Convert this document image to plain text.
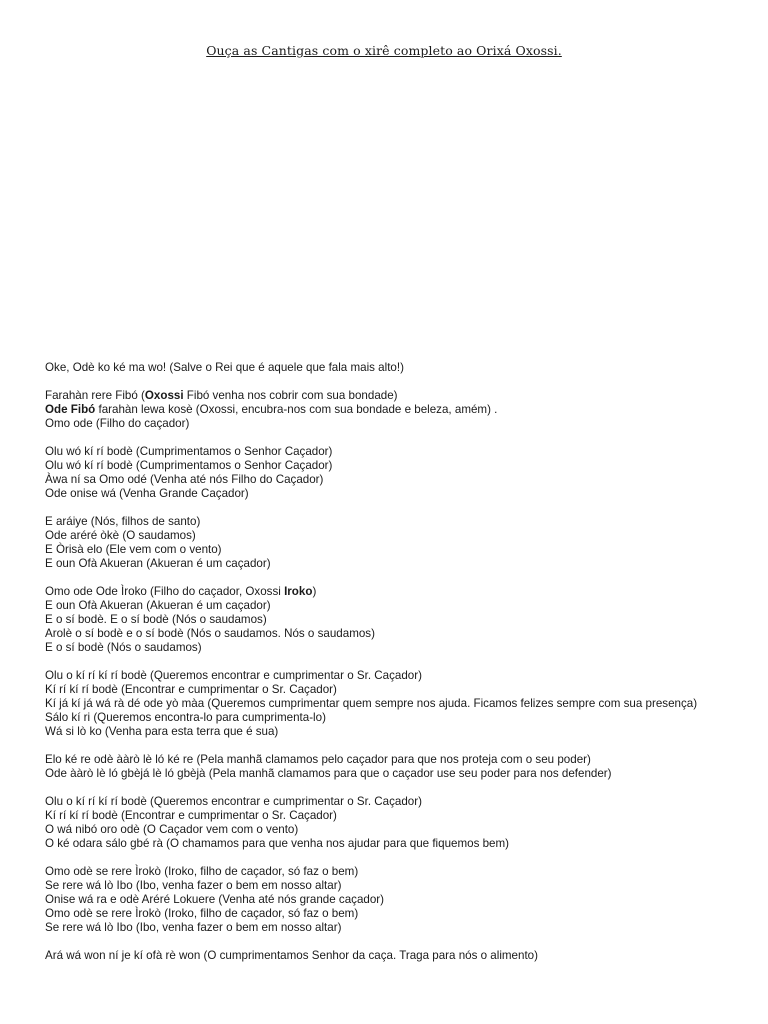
Ouça as Cantigas com o xirê completo ao Orixá Oxossi.
Oke, Odè ko ké ma wo! (Salve o Rei que é aquele que fala mais alto!)
Farahàn rere Fibó (Oxossi Fibó venha nos cobrir com sua bondade)
Ode Fibó farahàn lewa kosè (Oxossi, encubra-nos com sua bondade e beleza, amém) .
Omo ode (Filho do caçador)
Olu wó kí rí bodè (Cumprimentamos o Senhor Caçador)
Olu wó kí rí bodè (Cumprimentamos o Senhor Caçador)
Àwa ní sa Omo odé (Venha até nós Filho do Caçador)
Ode onise wá (Venha Grande Caçador)
E aráiye (Nós, filhos de santo)
Ode aréré òkè (O saudamos)
E Òrisà elo (Ele vem com o vento)
E oun Ofà Akueran (Akueran é um caçador)
Omo ode Ode Ìroko (Filho do caçador, Oxossi Iroko)
E oun Ofà Akueran (Akueran é um caçador)
E o sí bodè. E o sí bodè (Nós o saudamos)
Arolè o sí bodè e o sí bodè (Nós o saudamos. Nós o saudamos)
E o sí bodè (Nós o saudamos)
Olu o kí rí kí rí bodè (Queremos encontrar e cumprimentar o Sr. Caçador)
Kí rí kí rí bodè (Encontrar e cumprimentar o Sr. Caçador)
Kí já kí já wá rà dé ode yò màa (Queremos cumprimentar quem sempre nos ajuda. Ficamos felizes sempre com sua presença)
Sálo kí ri (Queremos encontra-lo para cumprimenta-lo)
Wá si lò ko (Venha para esta terra que é sua)
Elo ké re odè ààrò lè ló ké re (Pela manhã clamamos pelo caçador para que nos proteja com o seu poder)
Ode ààrò lè ló gbèjá lè ló gbèjà (Pela manhã clamamos para que o caçador use seu poder para nos defender)
Olu o kí rí kí rí bodè (Queremos encontrar e cumprimentar o Sr. Caçador)
Kí rí kí rí bodè (Encontrar e cumprimentar o Sr. Caçador)
O wá nibó oro odè (O Caçador vem com o vento)
O ké odara sálo gbé rà (O chamamos para que venha nos ajudar para que fiquemos bem)
Omo odè se rere Ìrokò (Iroko, filho de caçador, só faz o bem)
Se rere wá lò Ibo (Ibo, venha fazer o bem em nosso altar)
Onise wá ra e odè Aréré Lokuere (Venha até nós grande caçador)
Omo odè se rere Ìrokò (Iroko, filho de caçador, só faz o bem)
Se rere wá lò Ibo (Ibo, venha fazer o bem em nosso altar)
Ará wá won ní je kí ofà rè won (O cumprimentamos Senhor da caça. Traga para nós o alimento)
